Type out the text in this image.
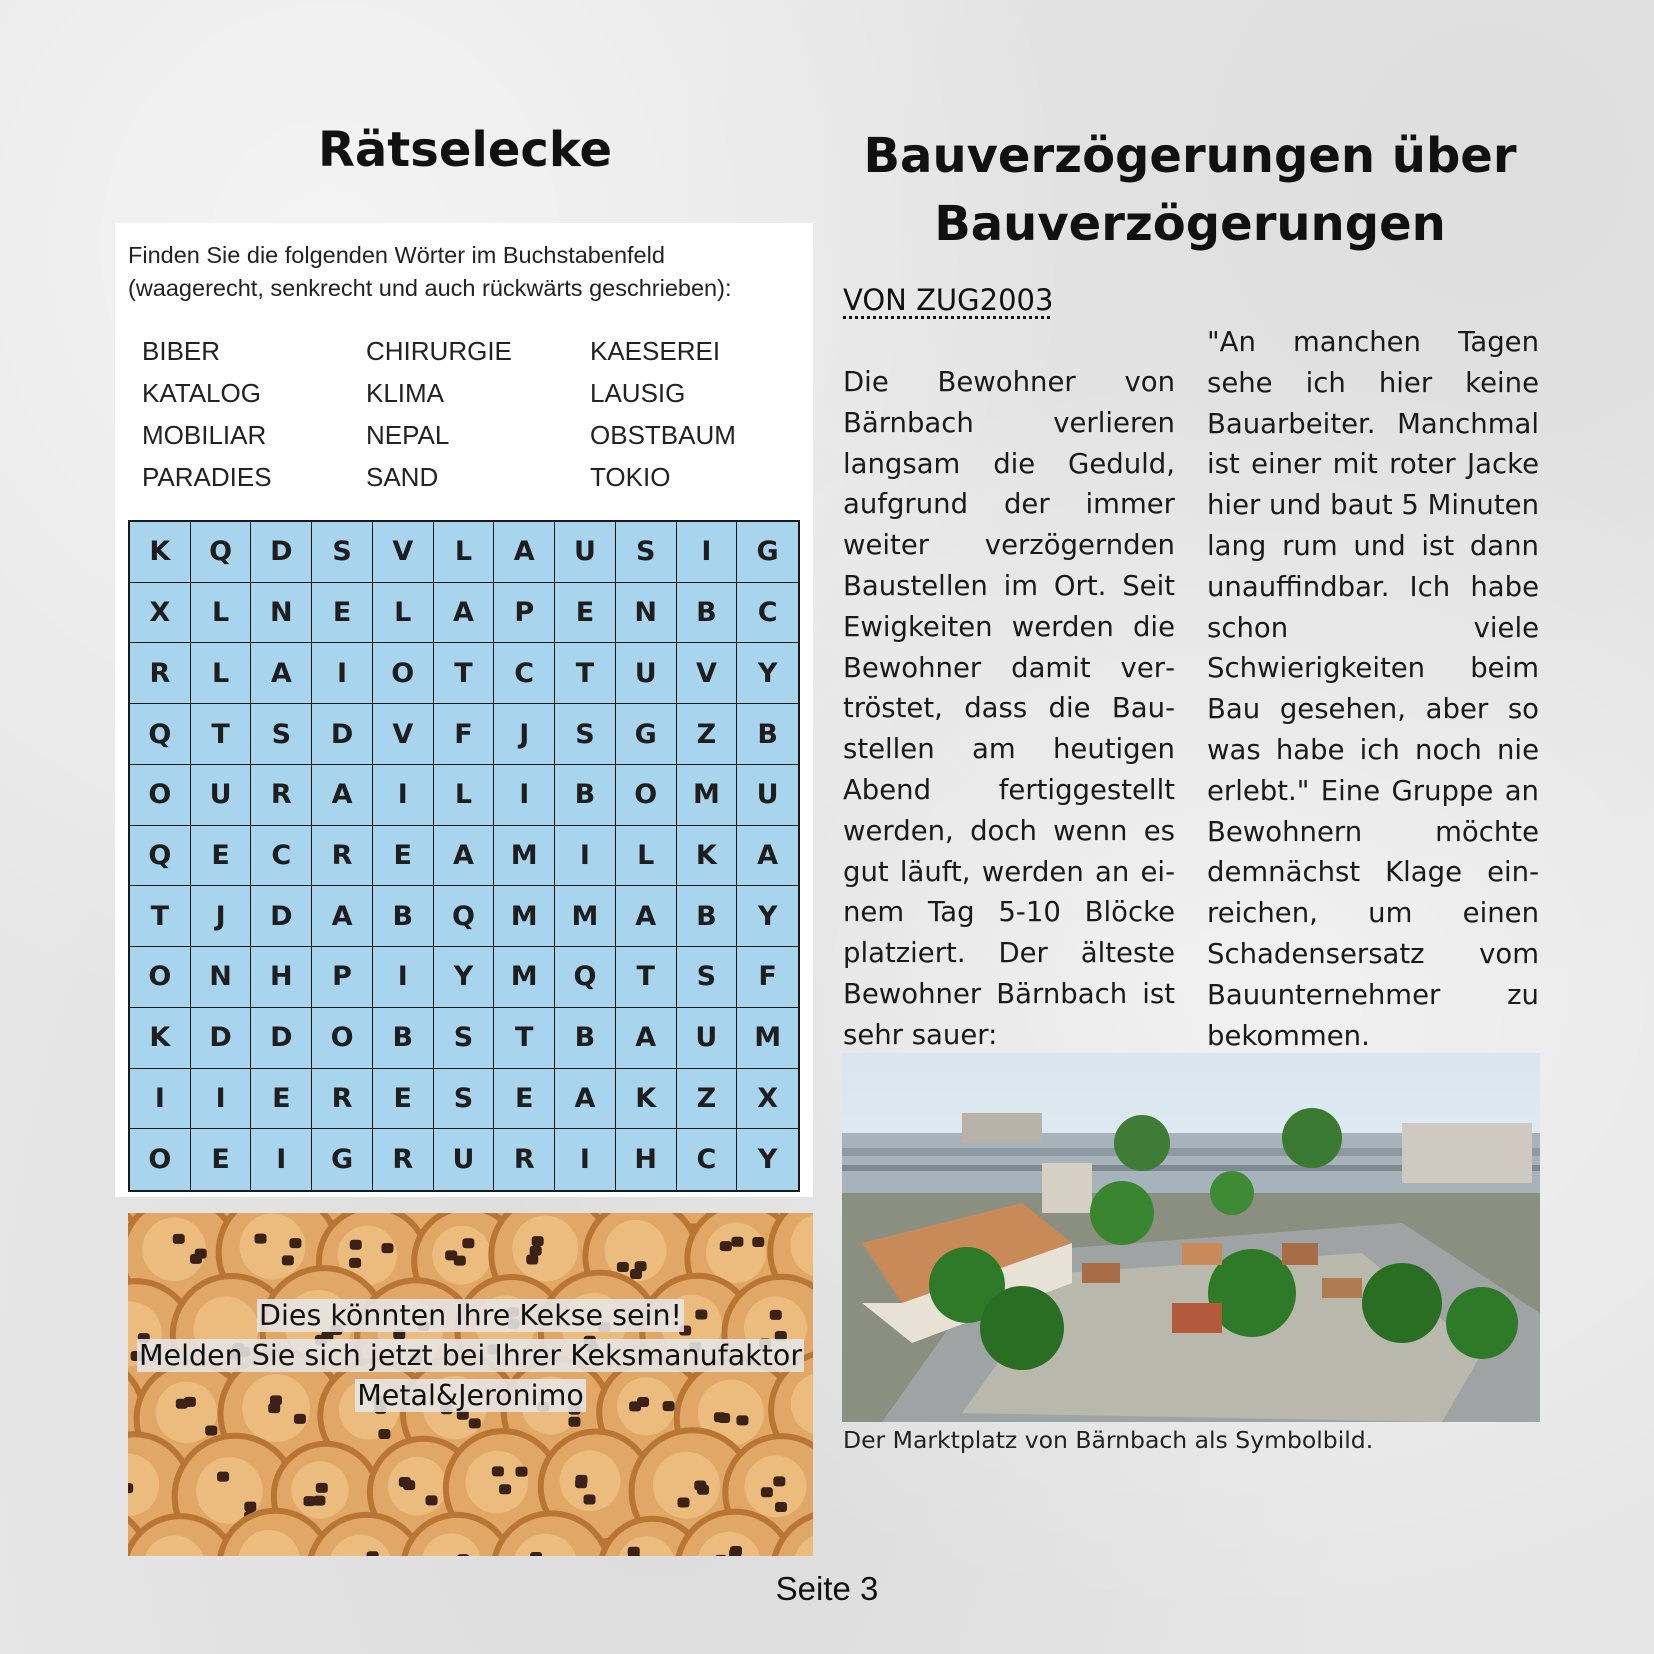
Rätselecke	Bauverzögerungen über
Bauverzögerungen
Finden Sie die folgenden Wörter im Buchstabenfeld
(waagerecht, senkrecht und auch rückwärts geschrieben):
BIBER
KATALOG
MOBILIAR
PARADIES
CHIRURGIE
KLIMA
NEPAL
SAND
KAESEREI
LAUSIG
OBSTBAUM
TOKIO
K	Q	D	S	V	L	A	U	S	I	G
X	L	N	E	L	A	P	E	N	B	C
R	L	A	I	O	T	C	T	U	V	Y
Q	T	S	D	V	F	J	S	G	Z	B
O	U	R	A	I	L	I	B	O	M	U
Q	E	C	R	E	A	M	I	L	K	A
T	J	D	A	B	Q	M	M	A	B	Y
O	N	H	P	I	Y	M	Q	T	S	F
K	D	D	O	B	S	T	B	A	U	M
I	I	E	R	E	S	E	A	K	Z	X
O	E	I	G	R	U	R	I	H	C	Y
Dies könnten Ihre Kekse sein!
Melden Sie sich jetzt bei Ihrer Keksmanufaktor
Metal&Jeronimo
VON ZUG2003
Die Bewohner von Bärnbach verlieren langsam die Geduld, aufgrund der immer weiter verzögernden Baustellen im Ort. Seit Ewigkeiten werden die Bewohner damit vertröstet, dass die Baustellen am heutigen Abend fertiggestellt werden, doch wenn es gut läuft, werden an einem Tag 5-10 Blöcke platziert. Der älteste Bewohner Bärnbach ist sehr sauer:
"An manchen Tagen sehe ich hier keine Bauarbeiter. Manchmal ist einer mit roter Jacke hier und baut 5 Minuten lang rum und ist dann unauffindbar. Ich habe schon viele Schwierigkeiten beim Bau gesehen, aber so was habe ich noch nie erlebt." Eine Gruppe an Bewohnern möchte demnächst Klage einreichen, um einen Schadensersatz vom Bauunternehmer zu bekommen.
Der Marktplatz von Bärnbach als Symbolbild.
Seite 3
